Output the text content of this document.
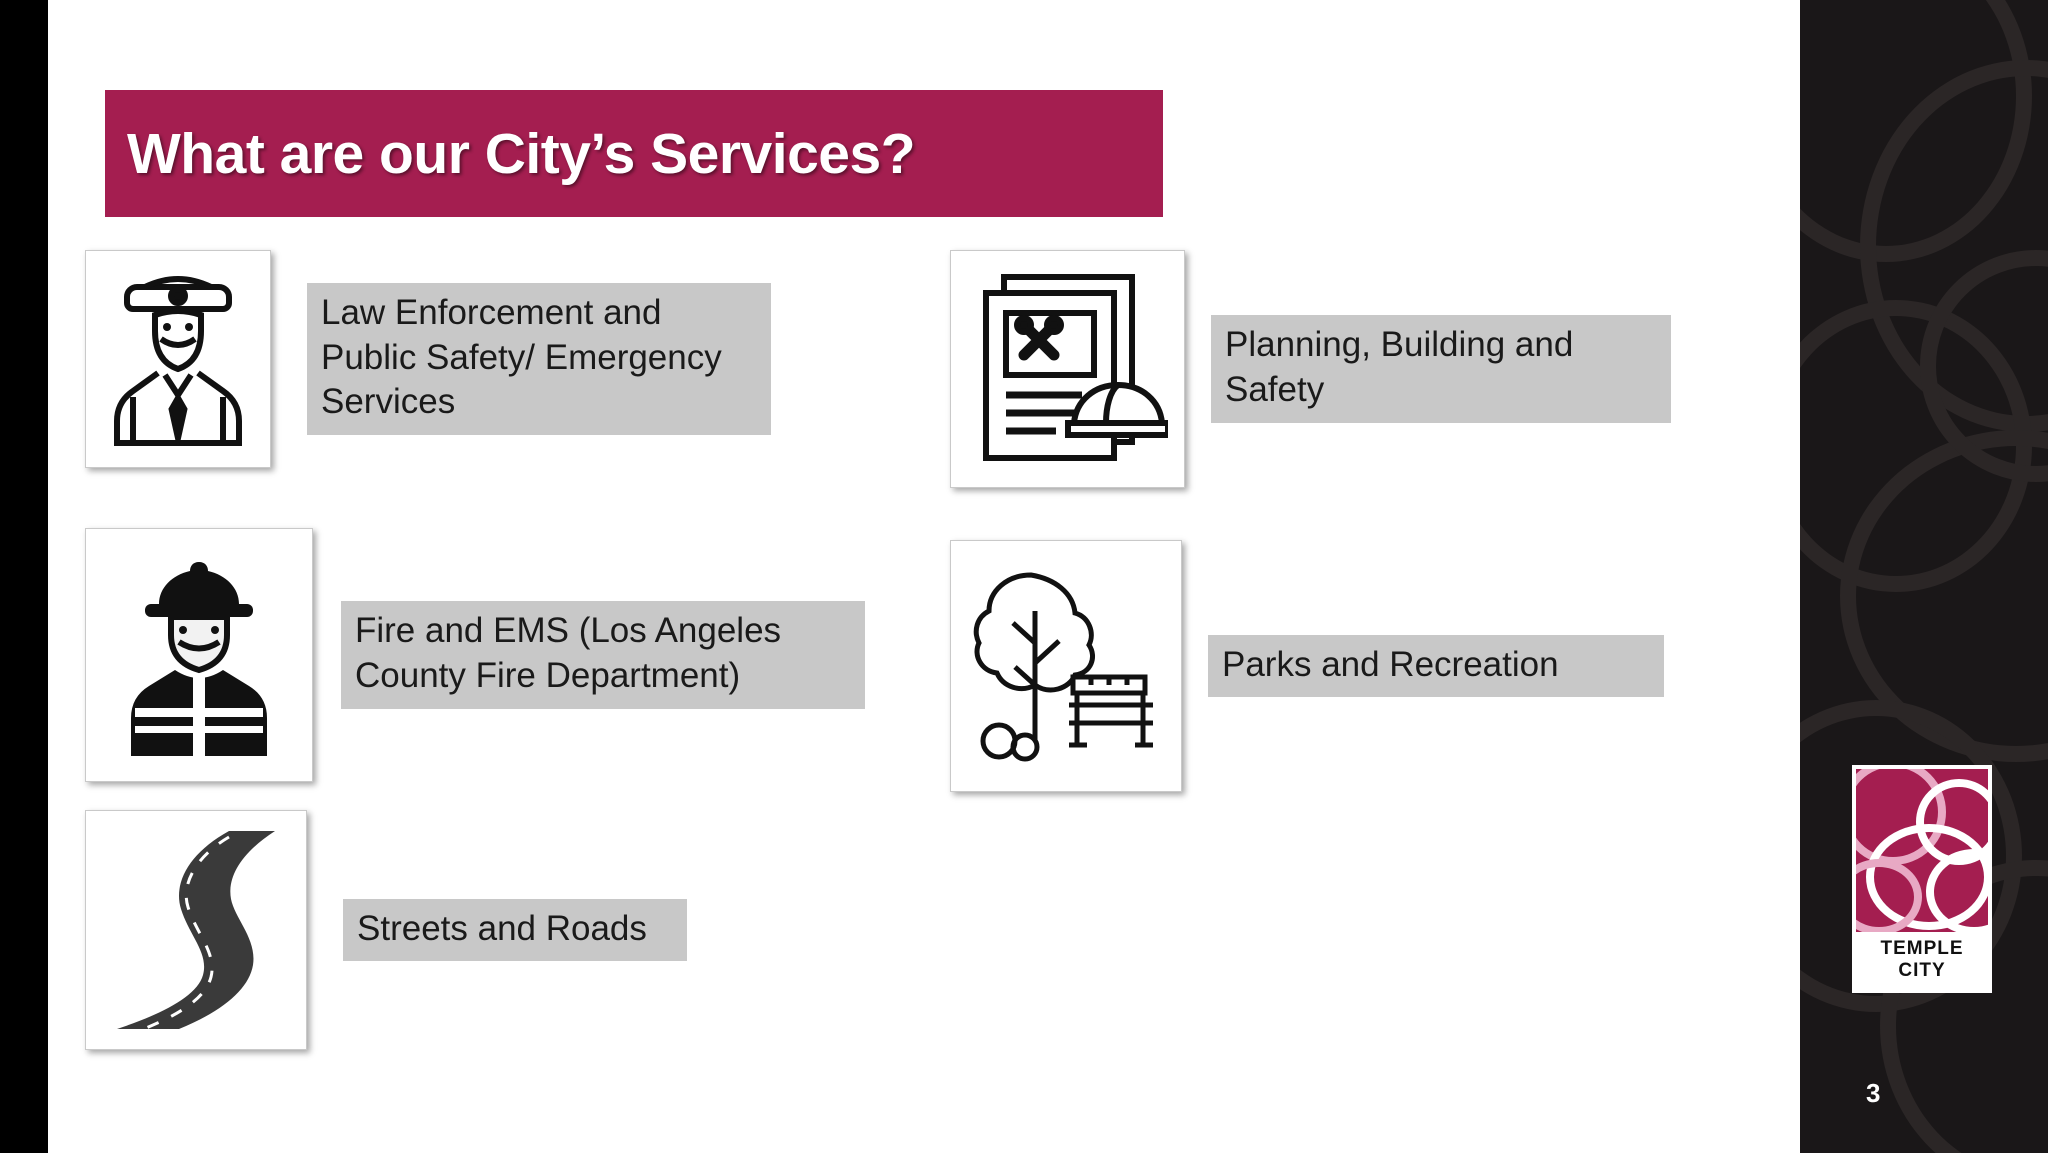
What are our City’s Services?
Law Enforcement and Public Safety/ Emergency Services
Fire and EMS (Los Angeles County Fire Department)
Streets and Roads
Planning, Building and Safety
Parks and Recreation
TEMPLE
CITY
3
